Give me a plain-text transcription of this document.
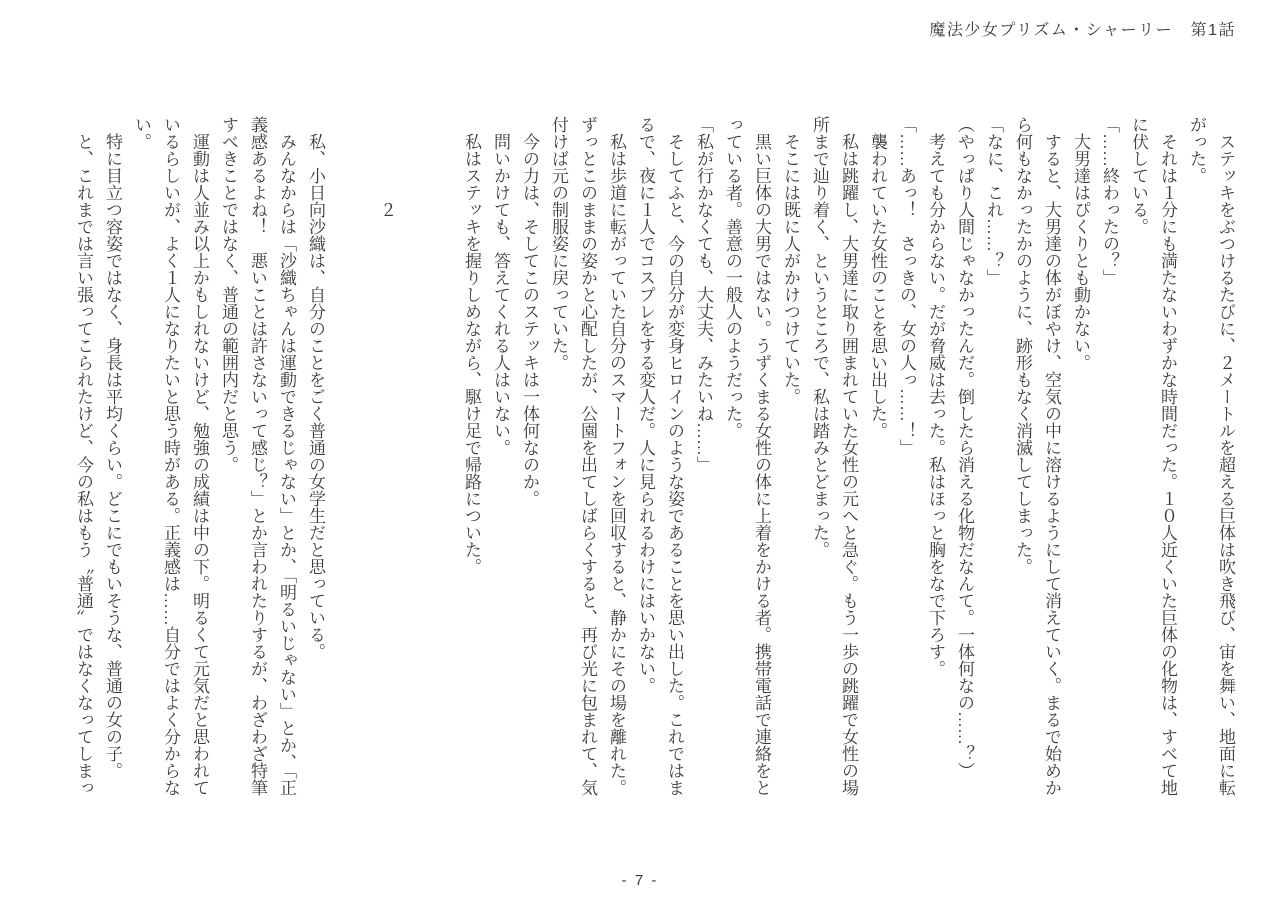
魔法少女プリズム・シャーリー　第1話

ステッキをぶつけるたびに、２メートルを超える巨体は吹き飛び、宙を舞い、地面に転がった。

それは１分にも満たないわずかな時間だった。１０人近くいた巨体の化物は、すべて地に伏している。

「……終わったの？」

大男達はぴくりとも動かない。

すると、大男達の体がぼやけ、空気の中に溶けるようにして消えていく。まるで始めから何もなかったかのように、跡形もなく消滅してしまった。

「なに、これ……？」

（やっぱり人間じゃなかったんだ。倒したら消える化物だなんて。一体何なの……？）

考えても分からない。だが脅威は去った。私はほっと胸をなで下ろす。

「……あっ！　さっきの、女の人っ……！」

襲われていた女性のことを思い出した。

私は跳躍し、大男達に取り囲まれていた女性の元へと急ぐ。もう一歩の跳躍で女性の場所まで辿り着く、というところで、私は踏みとどまった。

そこには既に人がかけつけていた。

黒い巨体の大男ではない。うずくまる女性の体に上着をかける者。携帯電話で連絡をとっている者。善意の一般人のようだった。

「私が行かなくても、大丈夫、みたいね……」

そしてふと、今の自分が変身ヒロインのような姿であることを思い出した。これではまるで、夜に１人でコスプレをする変人だ。人に見られるわけにはいかない。

私は歩道に転がっていた自分のスマートフォンを回収すると、静かにその場を離れた。

ずっとこのままの姿かと心配したが、公園を出てしばらくすると、再び光に包まれて、気付けば元の制服姿に戻っていた。

今の力は、そしてこのステッキは一体何なのか。

問いかけても、答えてくれる人はいない。

私はステッキを握りしめながら、駆け足で帰路についた。

２

私、小日向沙織は、自分のことをごく普通の女学生だと思っている。

みんなからは「沙織ちゃんは運動できるじゃない」とか、「明るいじゃない」とか、「正義感あるよね！　悪いことは許さないって感じ？」とか言われたりするが、わざわざ特筆すべきことではなく、普通の範囲内だと思う。

運動は人並み以上かもしれないけど、勉強の成績は中の下。明るくて元気だと思われているらしいが、よく１人になりたいと思う時がある。正義感は……自分ではよく分からない。

特に目立つ容姿ではなく、身長は平均くらい。どこにでもいそうな、普通の女の子。

と、これまでは言い張ってこられたけど、今の私はもう〝普通〟ではなくなってしまっ

- 7 -
